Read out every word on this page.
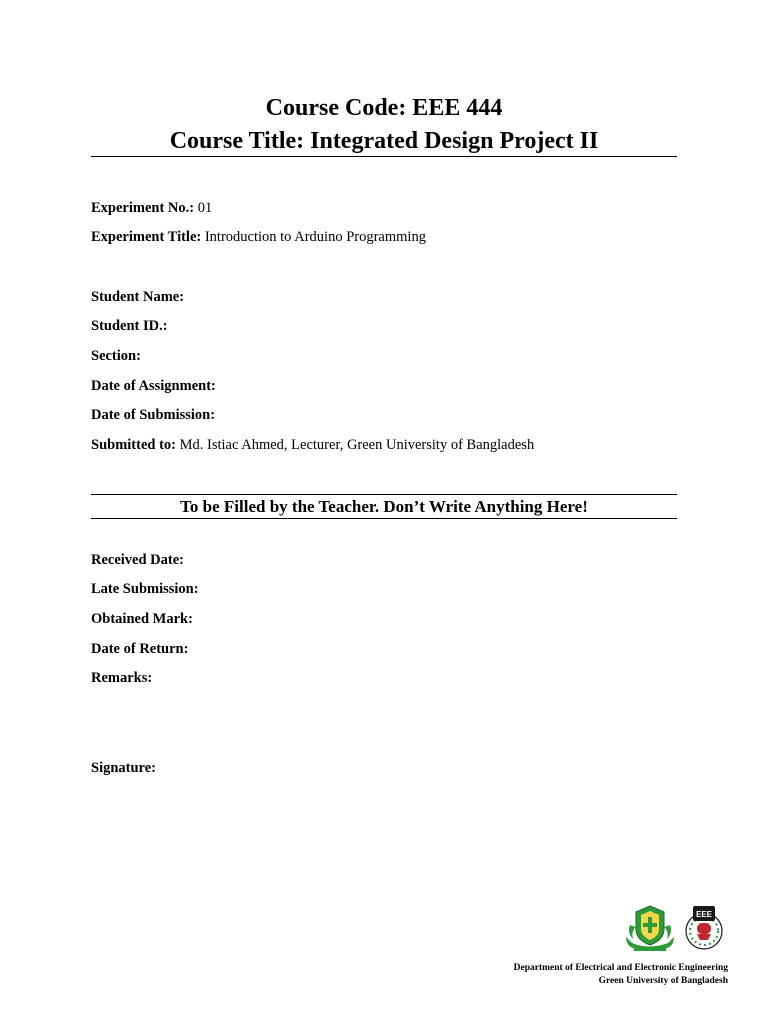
Course Code: EEE 444
Course Title: Integrated Design Project II
Experiment No.: 01
Experiment Title: Introduction to Arduino Programming
Student Name:
Student ID.:
Section:
Date of Assignment:
Date of Submission:
Submitted to: Md. Istiac Ahmed, Lecturer, Green University of Bangladesh
To be Filled by the Teacher. Don’t Write Anything Here!
Received Date:
Late Submission:
Obtained Mark:
Date of Return:
Remarks:
Signature:
EEE
Department of Electrical and Electronic Engineering
Green University of Bangladesh
